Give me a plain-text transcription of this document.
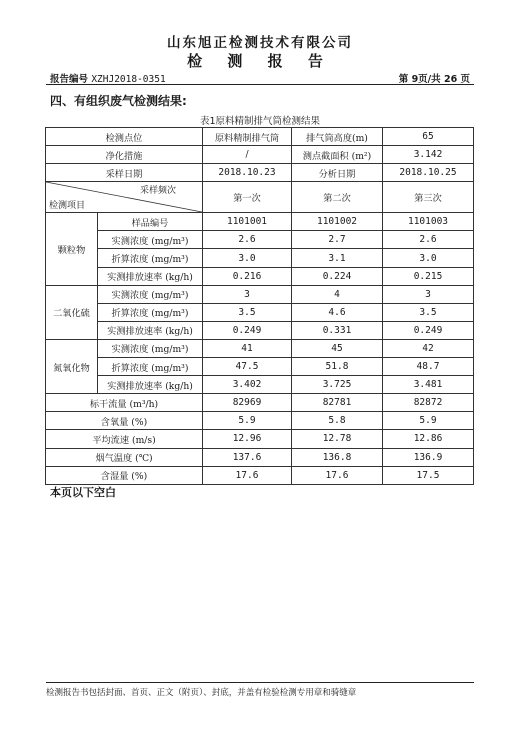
山东旭正检测技术有限公司
检 测 报 告
报告编号 XZHJ2018-0351	第 9页/共 26 页
四、有组织废气检测结果:
表1原料精制排气筒检测结果
检测点位		原料精制排气筒	排气筒高度(m)	65
净化措施		/	测点截面积 (m²)	3.142
采样日期		2018.10.23	分析日期	2018.10.25

采样频次
检测项目		第一次	第二次	第三次
颗粒物	样品编号	1101001	1101002	1101003
	实测浓度 (mg/m³)	2.6	2.7	2.6
	折算浓度 (mg/m³)	3.0	3.1	3.0
	实测排放速率 (kg/h)	0.216	0.224	0.215
二氧化硫	实测浓度 (mg/m³)	3	4	3
	折算浓度 (mg/m³)	3.5	4.6	3.5
	实测排放速率 (kg/h)	0.249	0.331	0.249
氮氧化物	实测浓度 (mg/m³)	41	45	42
	折算浓度 (mg/m³)	47.5	51.8	48.7
	实测排放速率 (kg/h)	3.402	3.725	3.481
标干流量 (m³/h)		82969	82781	82872
含氧量 (%)		5.9	5.8	5.9
平均流速 (m/s)		12.96	12.78	12.86
烟气温度 (℃)		137.6	136.8	136.9
含湿量 (%)		17.6	17.6	17.5
本页以下空白
检测报告书包括封面、首页、正文（附页）、封底，并盖有检验检测专用章和骑缝章
